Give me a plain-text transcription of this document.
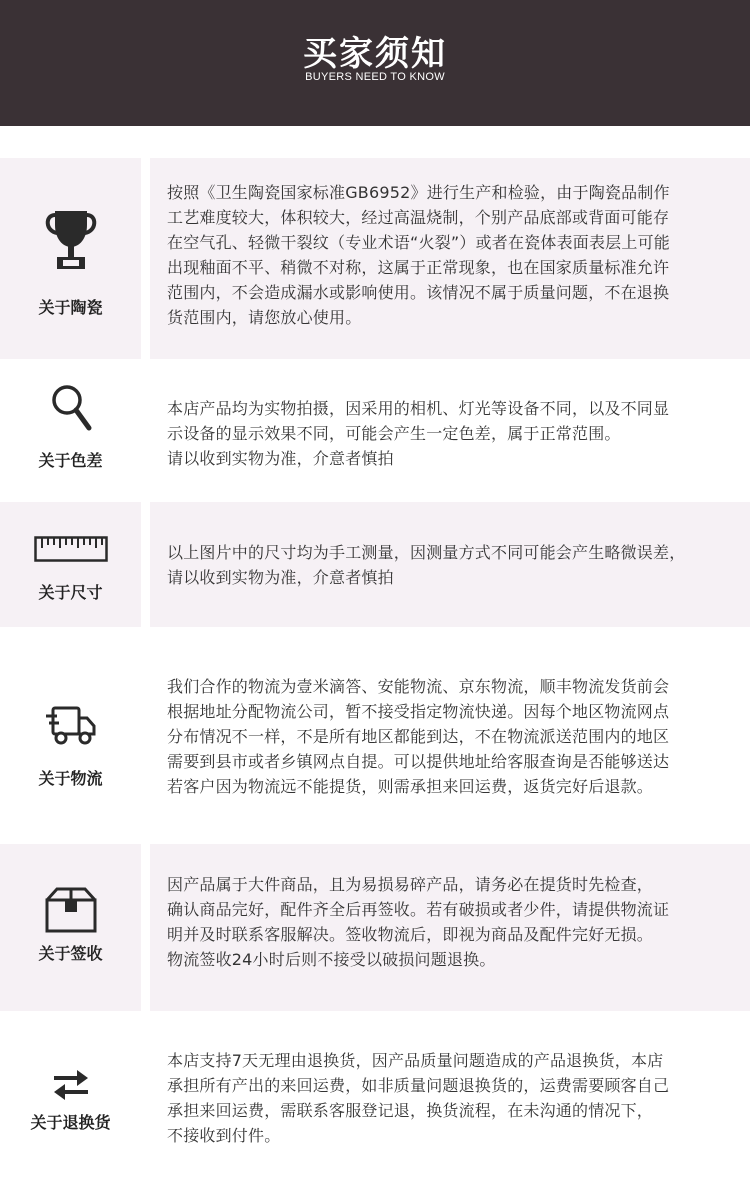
买家须知
BUYERS NEED TO KNOW
关于陶瓷
按照《卫生陶瓷国家标准GB6952》进行生产和检验，由于陶瓷品制作
工艺难度较大，体积较大，经过高温烧制，个别产品底部或背面可能存
在空气孔、轻微干裂纹（专业术语“火裂”）或者在瓷体表面表层上可能
出现釉面不平、稍微不对称，这属于正常现象，也在国家质量标准允许
范围内，不会造成漏水或影响使用。该情况不属于质量问题，不在退换
货范围内，请您放心使用。
关于色差
本店产品均为实物拍摄，因采用的相机、灯光等设备不同，以及不同显
示设备的显示效果不同，可能会产生一定色差，属于正常范围。
请以收到实物为准，介意者慎拍
关于尺寸
以上图片中的尺寸均为手工测量，因测量方式不同可能会产生略微误差，
请以收到实物为准，介意者慎拍
关于物流
我们合作的物流为壹米滴答、安能物流、京东物流，顺丰物流发货前会
根据地址分配物流公司，暂不接受指定物流快递。因每个地区物流网点
分布情况不一样，不是所有地区都能到达，不在物流派送范围内的地区
需要到县市或者乡镇网点自提。可以提供地址给客服查询是否能够送达
若客户因为物流远不能提货，则需承担来回运费，返货完好后退款。
关于签收
因产品属于大件商品，且为易损易碎产品，请务必在提货时先检查，
确认商品完好，配件齐全后再签收。若有破损或者少件，请提供物流证
明并及时联系客服解决。签收物流后，即视为商品及配件完好无损。
物流签收24小时后则不接受以破损问题退换。
关于退换货
本店支持7天无理由退换货，因产品质量问题造成的产品退换货，本店
承担所有产出的来回运费，如非质量问题退换货的，运费需要顾客自己
承担来回运费，需联系客服登记退，换货流程，在未沟通的情况下，
不接收到付件。
